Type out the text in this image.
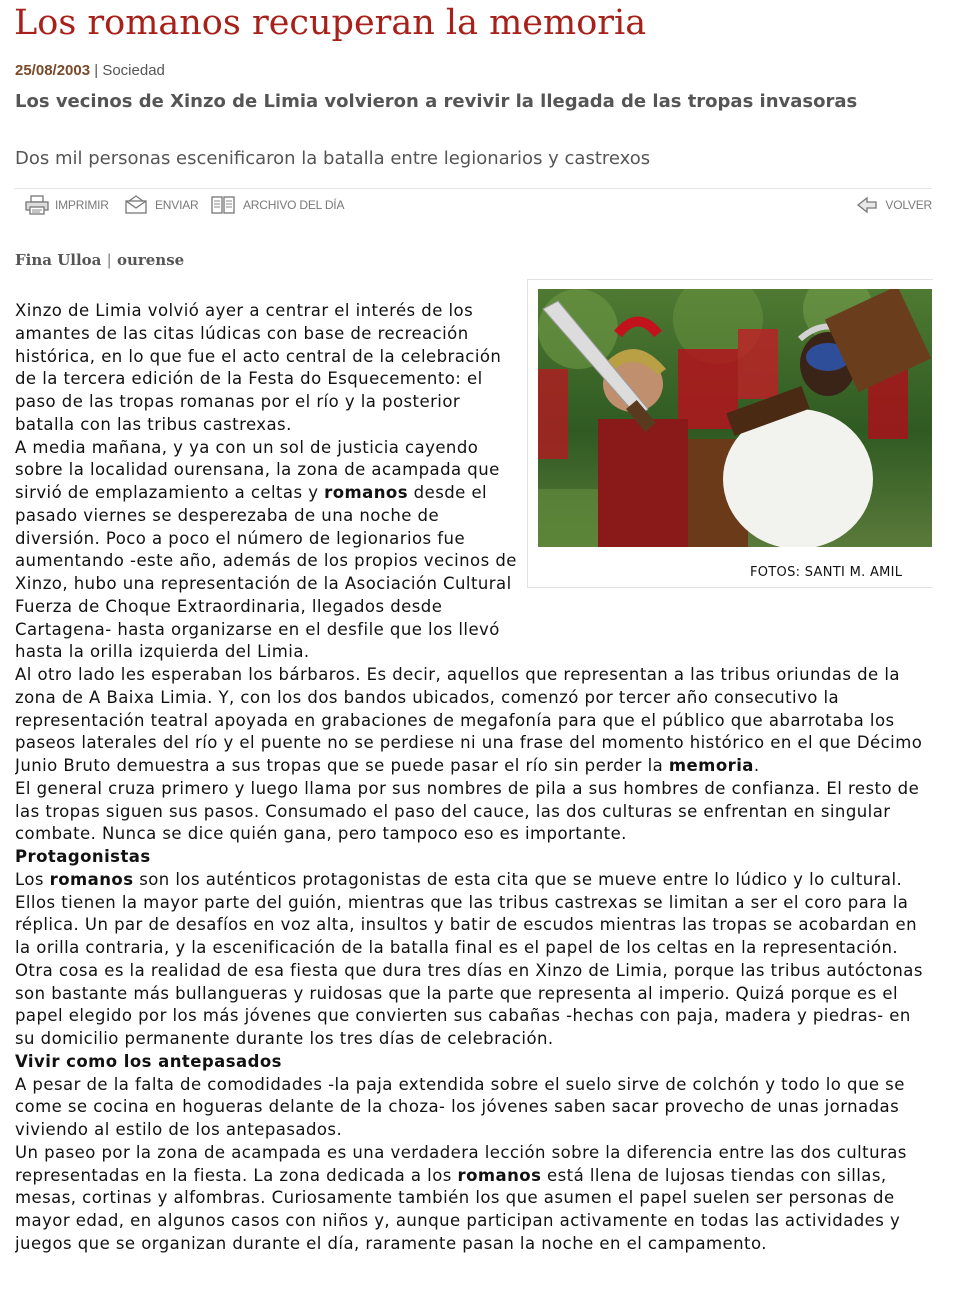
Los romanos recuperan la memoria
25/08/2003 | Sociedad
Los vecinos de Xinzo de Limia volvieron a revivir la llegada de las tropas invasoras
Dos mil personas escenificaron la batalla entre legionarios y castrexos
IMPRIMIR	ENVIAR	ARCHIVO DEL DÍA	VOLVER
Fina Ulloa | ourense
FOTOS: SANTI M. AMIL

Xinzo de Limia volvió ayer a centrar el interés de los amantes de las citas lúdicas con base de recreación histórica, en lo que fue el acto central de la celebración de la tercera edición de la Festa do Esquecemento: el paso de las tropas romanas por el río y la posterior batalla con las tribus castrexas.

A media mañana, y ya con un sol de justicia cayendo sobre la localidad ourensana, la zona de acampada que sirvió de emplazamiento a celtas y romanos desde el pasado viernes se desperezaba de una noche de diversión. Poco a poco el número de legionarios fue aumentando -este año, además de los propios vecinos de Xinzo, hubo una representación de la Asociación Cultural Fuerza de Choque Extraordinaria, llegados desde Cartagena- hasta organizarse en el desfile que los llevó hasta la orilla izquierda del Limia.

Al otro lado les esperaban los bárbaros. Es decir, aquellos que representan a las tribus oriundas de la zona de A Baixa Limia. Y, con los dos bandos ubicados, comenzó por tercer año consecutivo la representación teatral apoyada en grabaciones de megafonía para que el público que abarrotaba los paseos laterales del río y el puente no se perdiese ni una frase del momento histórico en el que Décimo Junio Bruto demuestra a sus tropas que se puede pasar el río sin perder la memoria.

El general cruza primero y luego llama por sus nombres de pila a sus hombres de confianza. El resto de las tropas siguen sus pasos. Consumado el paso del cauce, las dos culturas se enfrentan en singular combate. Nunca se dice quién gana, pero tampoco eso es importante.

Protagonistas

Los romanos son los auténticos protagonistas de esta cita que se mueve entre lo lúdico y lo cultural. Ellos tienen la mayor parte del guión, mientras que las tribus castrexas se limitan a ser el coro para la réplica. Un par de desafíos en voz alta, insultos y batir de escudos mientras las tropas se acobardan en la orilla contraria, y la escenificación de la batalla final es el papel de los celtas en la representación.

Otra cosa es la realidad de esa fiesta que dura tres días en Xinzo de Limia, porque las tribus autóctonas son bastante más bullangueras y ruidosas que la parte que representa al imperio. Quizá porque es el papel elegido por los más jóvenes que convierten sus cabañas -hechas con paja, madera y piedras- en su domicilio permanente durante los tres días de celebración.

Vivir como los antepasados

A pesar de la falta de comodidades -la paja extendida sobre el suelo sirve de colchón y todo lo que se come se cocina en hogueras delante de la choza- los jóvenes saben sacar provecho de unas jornadas viviendo al estilo de los antepasados.

Un paseo por la zona de acampada es una verdadera lección sobre la diferencia entre las dos culturas representadas en la fiesta. La zona dedicada a los romanos está llena de lujosas tiendas con sillas, mesas, cortinas y alfombras. Curiosamente también los que asumen el papel suelen ser personas de mayor edad, en algunos casos con niños y, aunque participan activamente en todas las actividades y juegos que se organizan durante el día, raramente pasan la noche en el campamento.
